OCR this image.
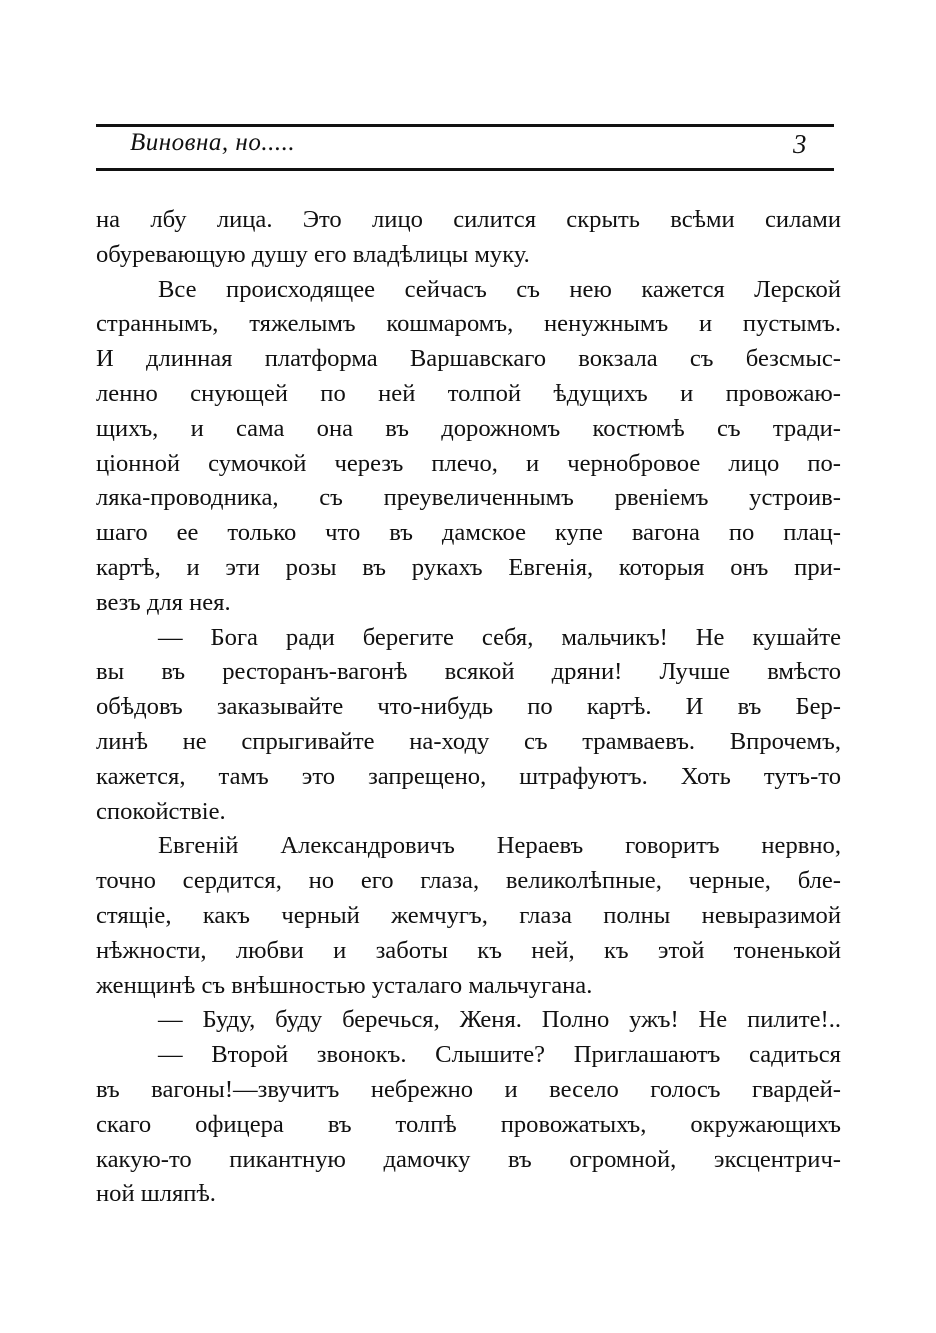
Виновна, но.....	3
на лбу лица. Это лицо силится скрыть всѣми силами
обуревающую душу его владѣлицы муку.
Все происходящее сейчасъ съ нею кажется Лерской
страннымъ, тяжелымъ кошмаромъ, ненужнымъ и пустымъ.
И длинная платформа Варшавскаго вокзала съ безсмыс-
ленно снующей по ней толпой ѣдущихъ и провожаю-
щихъ, и сама она въ дорожномъ костюмѣ съ тради-
ціонной сумочкой черезъ плечо, и чернобровое лицо по-
ляка-проводника, съ преувеличеннымъ рвеніемъ устроив-
шаго ее только что въ дамское купе вагона по плац-
картѣ, и эти розы въ рукахъ Евгенія, которыя онъ при-
везъ для нея.
— Бога ради берегите себя, мальчикъ! Не кушайте
вы въ ресторанъ-вагонѣ всякой дряни! Лучше вмѣсто
обѣдовъ заказывайте что-нибудь по картѣ. И въ Бер-
линѣ не спрыгивайте на-ходу съ трамваевъ. Впрочемъ,
кажется, тамъ это запрещено, штрафуютъ. Хоть тутъ-то
спокойствіе.
Евгеній Александровичъ Нераевъ говоритъ нервно,
точно сердится, но его глаза, великолѣпные, черные, бле-
стящіе, какъ черный жемчугъ, глаза полны невыразимой
нѣжности, любви и заботы къ ней, къ этой тоненькой
женщинѣ съ внѣшностью усталаго мальчугана.
— Буду, буду беречься, Женя. Полно ужъ! Не пилите!..
— Второй звонокъ. Слышите? Приглашаютъ садиться
въ вагоны!—звучитъ небрежно и весело голосъ гвардей-
скаго офицера въ толпѣ провожатыхъ, окружающихъ
какую-то пикантную дамочку въ огромной, эксцентрич-
ной шляпѣ.
